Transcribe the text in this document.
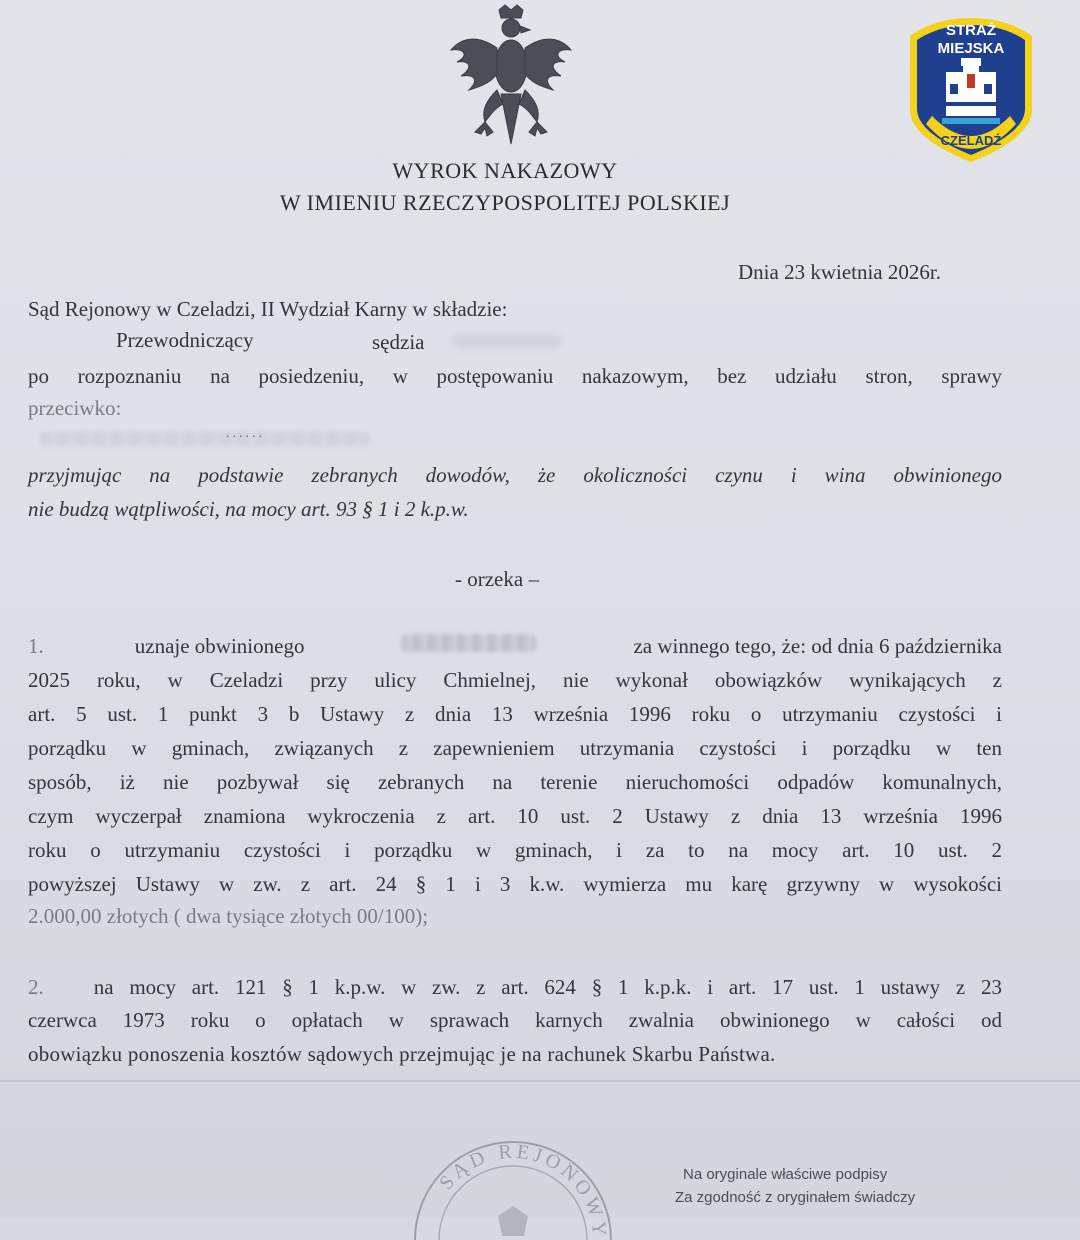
STRAŻ
MIEJSKA
CZELADŹ
WYROK NAKAZOWY
W IMIENIU RZECZYPOSPOLITEJ POLSKIEJ
Dnia 23 kwietnia 2026r.
Sąd Rejonowy w Czeladzi, II Wydział Karny w składzie:
Przewodniczący	sędzia
po rozpoznaniu na posiedzeniu, w postępowaniu nakazowym, bez udziału stron, sprawy
przeciwko:
......
przyjmując na podstawie zebranych dowodów, że okoliczności czynu i wina obwinionego
nie budzą wątpliwości, na mocy art. 93 § 1 i 2 k.p.w.
- orzeka –
1.	uznaje obwinionego	za winnego tego, że: od dnia 6 października
2025 roku, w Czeladzi przy ulicy Chmielnej, nie wykonał obowiązków wynikających z
art. 5 ust. 1 punkt 3 b Ustawy z dnia 13 września 1996 roku o utrzymaniu czystości i
porządku w gminach, związanych z zapewnieniem utrzymania czystości i porządku w ten
sposób, iż nie pozbywał się zebranych na terenie nieruchomości odpadów komunalnych,
czym wyczerpał znamiona wykroczenia z art. 10 ust. 2 Ustawy z dnia 13 września 1996
roku o utrzymaniu czystości i porządku w gminach, i za to na mocy art. 10 ust. 2
powyższej Ustawy w zw. z art. 24 § 1 i 3 k.w. wymierza mu karę grzywny w wysokości
2.000,00 złotych ( dwa tysiące złotych 00/100);
2. na mocy art. 121 § 1 k.p.w. w zw. z art. 624 § 1 k.p.k. i art. 17 ust. 1 ustawy z 23
czerwca 1973 roku o opłatach w sprawach karnych zwalnia obwinionego w całości od
obowiązku ponoszenia kosztów sądowych przejmując je na rachunek Skarbu Państwa.
SĄD REJONOWY
Na oryginale właściwe podpisy
Za zgodność z oryginałem świadczy
